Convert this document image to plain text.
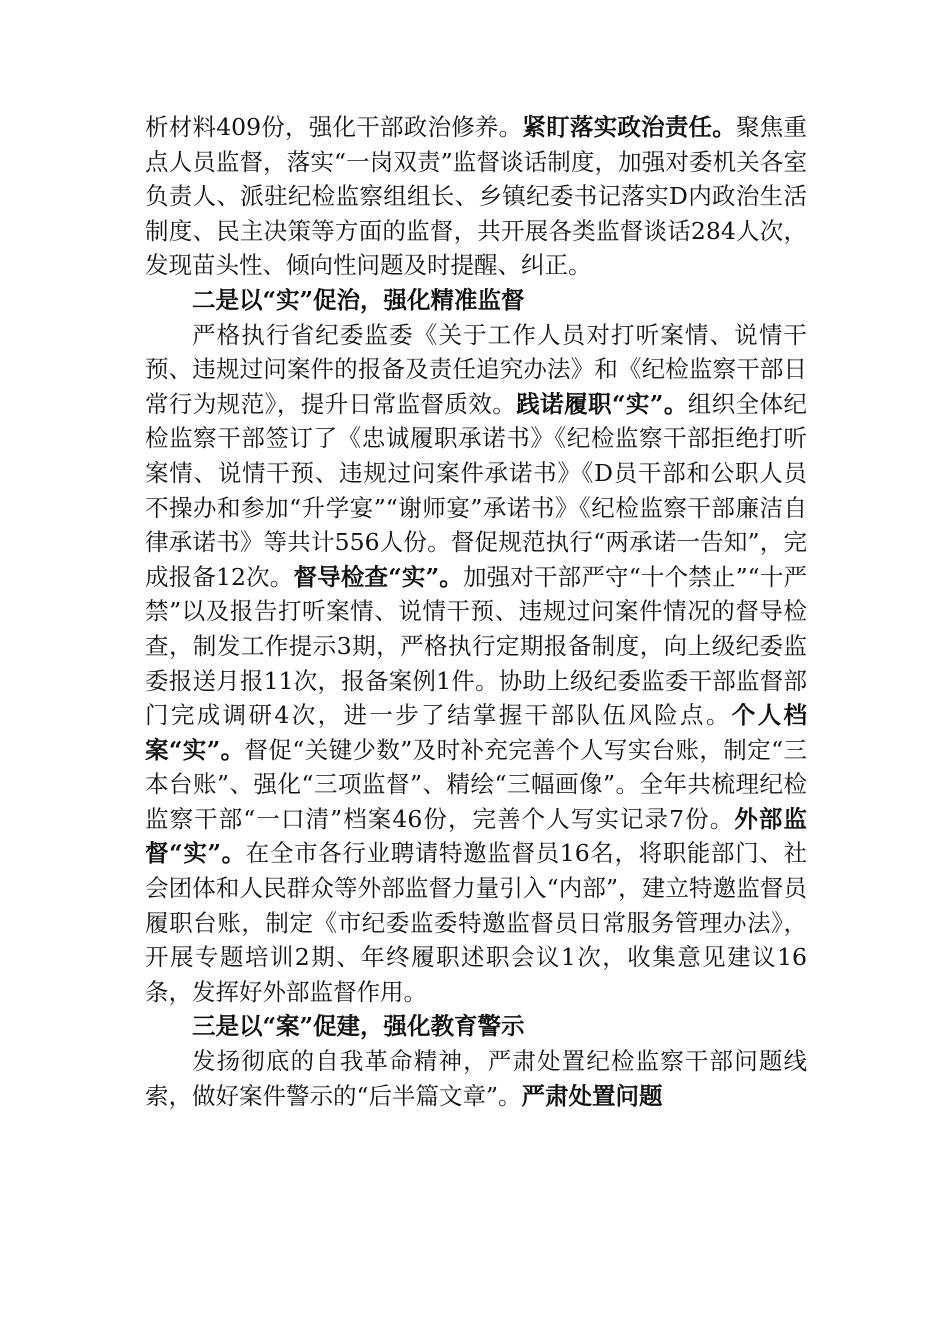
析材料409份，强化干部政治修养。紧盯落实政治责任。聚焦重点人员监督，落实“一岗双责”监督谈话制度，加强对委机关各室负责人、派驻纪检监察组组长、乡镇纪委书记落实D内政治生活制度、民主决策等方面的监督，共开展各类监督谈话284人次，发现苗头性、倾向性问题及时提醒、纠正。

二是以“实”促治，强化精准监督

严格执行省纪委监委《关于工作人员对打听案情、说情干预、违规过问案件的报备及责任追究办法》和《纪检监察干部日常行为规范》，提升日常监督质效。践诺履职“实”。组织全体纪检监察干部签订了《忠诚履职承诺书》《纪检监察干部拒绝打听案情、说情干预、违规过问案件承诺书》《D员干部和公职人员不操办和参加“升学宴”“谢师宴”承诺书》《纪检监察干部廉洁自律承诺书》等共计556人份。督促规范执行“两承诺一告知”，完成报备12次。督导检查“实”。加强对干部严守“十个禁止”“十严禁”以及报告打听案情、说情干预、违规过问案件情况的督导检查，制发工作提示3期，严格执行定期报备制度，向上级纪委监委报送月报11次，报备案例1件。协助上级纪委监委干部监督部门完成调研4次，进一步了结掌握干部队伍风险点。个人档案“实”。督促“关键少数”及时补充完善个人写实台账，制定“三本台账”、强化“三项监督”、精绘“三幅画像”。全年共梳理纪检监察干部“一口清”档案46份，完善个人写实记录7份。外部监督“实”。在全市各行业聘请特邀监督员16名，将职能部门、社会团体和人民群众等外部监督力量引入“内部”，建立特邀监督员履职台账，制定《市纪委监委特邀监督员日常服务管理办法》，开展专题培训2期、年终履职述职会议1次，收集意见建议16条，发挥好外部监督作用。

三是以“案”促建，强化教育警示

发扬彻底的自我革命精神，严肃处置纪检监察干部问题线索，做好案件警示的“后半篇文章”。严肃处置问题
